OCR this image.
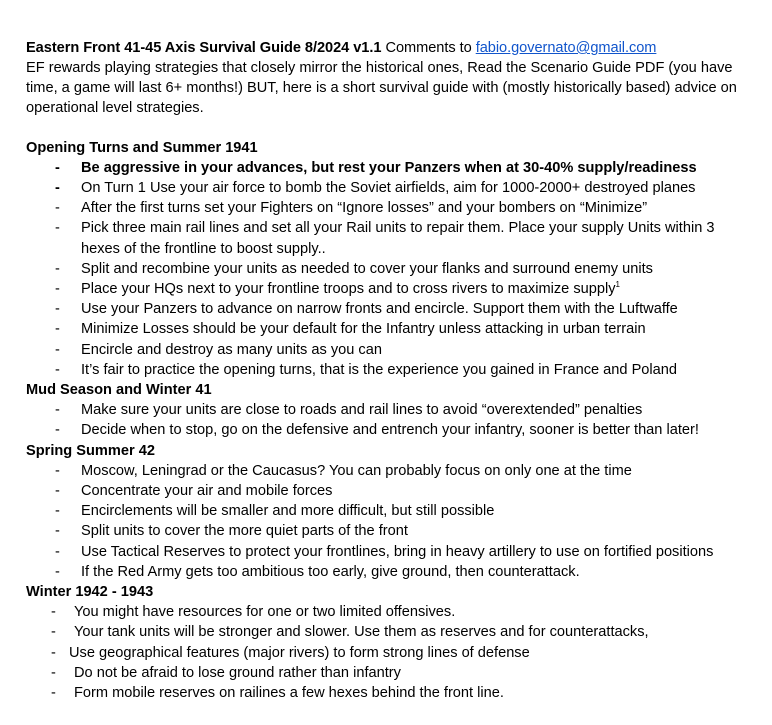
Eastern Front 41-45 Axis Survival Guide 8/2024 v1.1 Comments to fabio.governato@gmail.com
EF rewards playing strategies that closely mirror the historical ones, Read the Scenario Guide PDF (you have time, a game will last 6+ months!) BUT, here is a short survival guide with (mostly historically based) advice on operational level strategies.
Opening Turns and Summer 1941
- Be aggressive in your advances, but rest your Panzers when at 30-40% supply/readiness
- On Turn 1 Use your air force to bomb the Soviet airfields, aim for 1000-2000+ destroyed planes
- After the first turns set your Fighters on “Ignore losses” and your bombers on “Minimize”
- Pick three main rail lines and set all your Rail units to repair them. Place your supply Units within 3 hexes of the frontline to boost supply..
- Split and recombine your units as needed to cover your flanks and surround enemy units
- Place your HQs next to your frontline troops and to cross rivers to maximize supply$^1$
- Use your Panzers to advance on narrow fronts and encircle. Support them with the Luftwaffe
- Minimize Losses should be your default for the Infantry unless attacking in urban terrain
- Encircle and destroy as many units as you can
- It’s fair to practice the opening turns, that is the experience you gained in France and Poland
Mud Season and Winter 41
- Make sure your units are close to roads and rail lines to avoid “overextended” penalties
- Decide when to stop, go on the defensive and entrench your infantry, sooner is better than later!
Spring Summer 42
- Moscow, Leningrad or the Caucasus? You can probably focus on only one at the time
- Concentrate your air and mobile forces
- Encirclements will be smaller and more difficult, but still possible
- Split units to cover the more quiet parts of the front
- Use Tactical Reserves to protect your frontlines, bring in heavy artillery to use on fortified positions
- If the Red Army gets too ambitious too early, give ground, then counterattack.
Winter 1942 - 1943
- You might have resources for one or two limited offensives.
- Your tank units will be stronger and slower. Use them as reserves and for counterattacks,
- Use geographical features (major rivers) to form strong lines of defense
- Do not be afraid to lose ground rather than infantry
- Form mobile reserves on railines a few hexes behind the front line.
